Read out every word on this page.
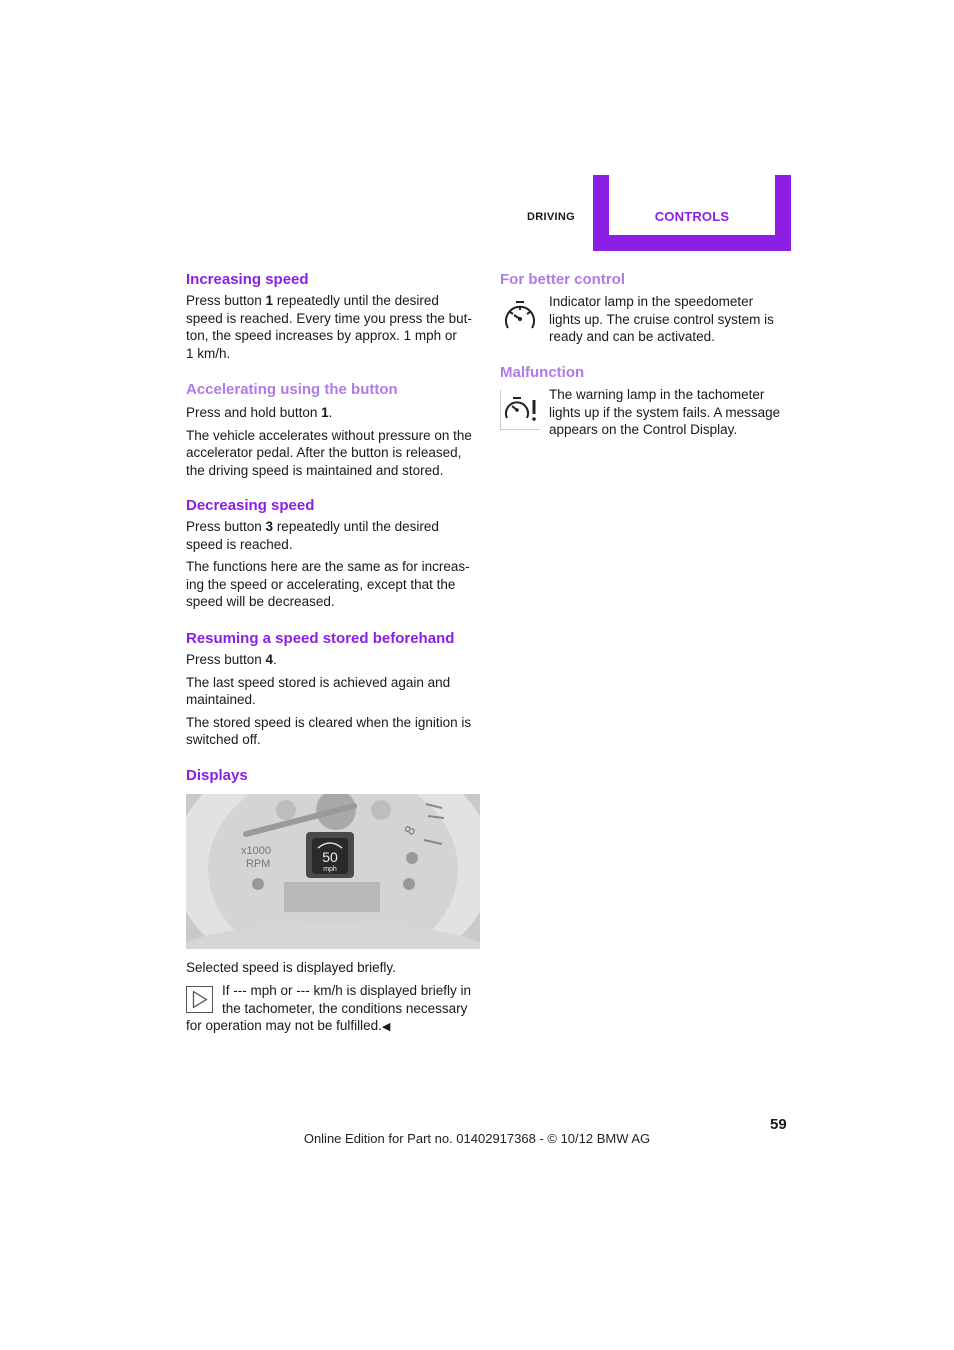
DRIVING	CONTROLS
Increasing speed

Press button 1 repeatedly until the desired
speed is reached. Every time you press the but-
ton, the speed increases by approx. 1 mph or
1 km/h.

Accelerating using the button

Press and hold button 1.

The vehicle accelerates without pressure on the
accelerator pedal. After the button is released,
the driving speed is maintained and stored.

Decreasing speed

Press button 3 repeatedly until the desired
speed is reached.

The functions here are the same as for increas-
ing the speed or accelerating, except that the
speed will be decreased.

Resuming a speed stored beforehand

Press button 4.

The last speed stored is achieved again and
maintained.

The stored speed is cleared when the ignition is
switched off.

Displays
8
x1000
RPM	50
mph

Selected speed is displayed briefly.

If --- mph or --- km/h is displayed briefly in
the tachometer, the conditions necessary

for operation may not be fulfilled.◀

For better control

Indicator lamp in the speedometer
lights up. The cruise control system is
ready and can be activated.

Malfunction

The warning lamp in the tachometer
lights up if the system fails. A message
appears on the Control Display.

59
Online Edition for Part no. 01402917368 - © 10/12 BMW AG
